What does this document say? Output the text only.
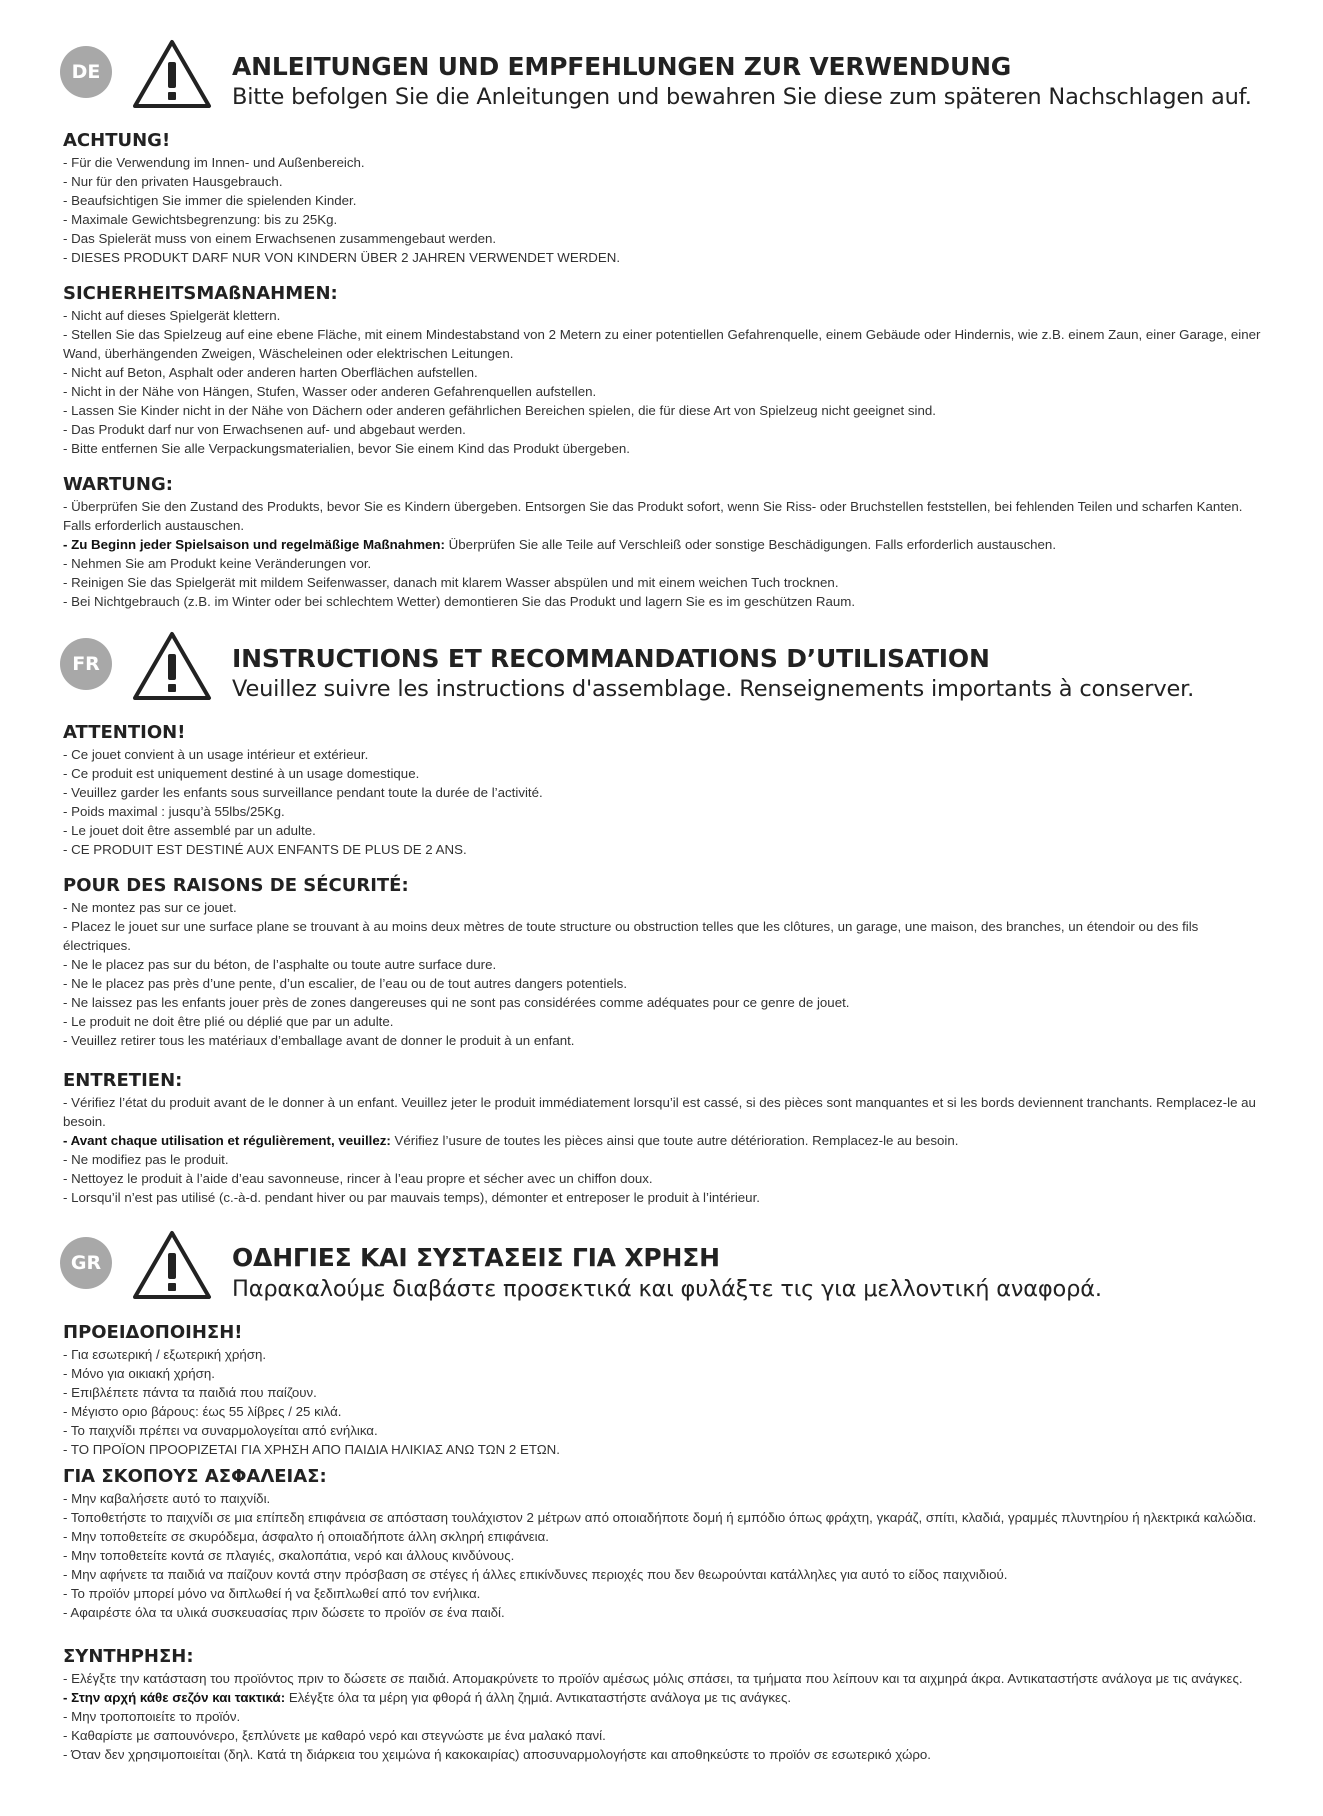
DE	ANLEITUNGEN UND EMPFEHLUNGEN ZUR VERWENDUNG
Bitte befolgen Sie die Anleitungen und bewahren Sie diese zum späteren Nachschlagen auf.
ACHTUNG!
- Für die Verwendung im Innen- und Außenbereich.
- Nur für den privaten Hausgebrauch.
- Beaufsichtigen Sie immer die spielenden Kinder.
- Maximale Gewichtsbegrenzung: bis zu 25Kg.
- Das Spielerät muss von einem Erwachsenen zusammengebaut werden.
- DIESES PRODUKT DARF NUR VON KINDERN ÜBER 2 JAHREN VERWENDET WERDEN.
SICHERHEITSMAßNAHMEN:
- Nicht auf dieses Spielgerät klettern.
- Stellen Sie das Spielzeug auf eine ebene Fläche, mit einem Mindestabstand von 2 Metern zu einer potentiellen Gefahrenquelle, einem Gebäude oder Hindernis, wie z.B. einem Zaun, einer Garage, einer Wand, überhängenden Zweigen, Wäscheleinen oder elektrischen Leitungen.
- Nicht auf Beton, Asphalt oder anderen harten Oberflächen aufstellen.
- Nicht in der Nähe von Hängen, Stufen, Wasser oder anderen Gefahrenquellen aufstellen.
- Lassen Sie Kinder nicht in der Nähe von Dächern oder anderen gefährlichen Bereichen spielen, die für diese Art von Spielzeug nicht geeignet sind.
- Das Produkt darf nur von Erwachsenen auf- und abgebaut werden.
- Bitte entfernen Sie alle Verpackungsmaterialien, bevor Sie einem Kind das Produkt übergeben.
WARTUNG:
- Überprüfen Sie den Zustand des Produkts, bevor Sie es Kindern übergeben. Entsorgen Sie das Produkt sofort, wenn Sie Riss- oder Bruchstellen feststellen, bei fehlenden Teilen und scharfen Kanten. Falls erforderlich austauschen.
- Zu Beginn jeder Spielsaison und regelmäßige Maßnahmen: Überprüfen Sie alle Teile auf Verschleiß oder sonstige Beschädigungen. Falls erforderlich austauschen.
- Nehmen Sie am Produkt keine Veränderungen vor.
- Reinigen Sie das Spielgerät mit mildem Seifenwasser, danach mit klarem Wasser abspülen und mit einem weichen Tuch trocknen.
- Bei Nichtgebrauch (z.B. im Winter oder bei schlechtem Wetter) demontieren Sie das Produkt und lagern Sie es im geschützen Raum.
FR	INSTRUCTIONS ET RECOMMANDATIONS D’UTILISATION
Veuillez suivre les instructions d'assemblage. Renseignements importants à conserver.
ATTENTION!
- Ce jouet convient à un usage intérieur et extérieur.
- Ce produit est uniquement destiné à un usage domestique.
- Veuillez garder les enfants sous surveillance pendant toute la durée de l’activité.
- Poids maximal : jusqu’à 55lbs/25Kg.
- Le jouet doit être assemblé par un adulte.
- CE PRODUIT EST DESTINÉ AUX ENFANTS DE PLUS DE 2 ANS.
POUR DES RAISONS DE SÉCURITÉ:
- Ne montez pas sur ce jouet.
- Placez le jouet sur une surface plane se trouvant à au moins deux mètres de toute structure ou obstruction telles que les clôtures, un garage, une maison, des branches, un étendoir ou des fils électriques.
- Ne le placez pas sur du béton, de l’asphalte ou toute autre surface dure.
- Ne le placez pas près d’une pente, d’un escalier, de l’eau ou de tout autres dangers potentiels.
- Ne laissez pas les enfants jouer près de zones dangereuses qui ne sont pas considérées comme adéquates pour ce genre de jouet.
- Le produit ne doit être plié ou déplié que par un adulte.
- Veuillez retirer tous les matériaux d’emballage avant de donner le produit à un enfant.
ENTRETIEN:
- Vérifiez l’état du produit avant de le donner à un enfant. Veuillez jeter le produit immédiatement lorsqu’il est cassé, si des pièces sont manquantes et si les bords deviennent tranchants. Remplacez-le au besoin.
- Avant chaque utilisation et régulièrement, veuillez: Vérifiez l’usure de toutes les pièces ainsi que toute autre détérioration. Remplacez-le au besoin.
- Ne modifiez pas le produit.
- Nettoyez le produit à l’aide d’eau savonneuse, rincer à l’eau propre et sécher avec un chiffon doux.
- Lorsqu’il n’est pas utilisé (c.-à-d. pendant hiver ou par mauvais temps), démonter et entreposer le produit à l’intérieur.
GR	ΟΔΗΓΙΕΣ ΚΑΙ ΣΥΣΤΑΣΕΙΣ ΓΙΑ ΧΡΗΣΗ
Παρακαλούμε διαβάστε προσεκτικά και φυλάξτε τις για μελλοντική αναφορά.
ΠΡΟΕΙΔΟΠΟΙΗΣΗ!
- Για εσωτερική / εξωτερική χρήση.
- Μόνο για οικιακή χρήση.
- Επιβλέπετε πάντα τα παιδιά που παίζουν.
- Μέγιστο οριο βάρους: έως 55 λίβρες / 25 κιλά.
- Το παιχνίδι πρέπει να συναρμολογείται από ενήλικα.
- ΤΟ ΠΡΟΪΟΝ ΠΡΟΟΡΙΖΕΤΑΙ ΓΙΑ ΧΡΗΣΗ ΑΠΟ ΠΑΙΔΙΑ ΗΛΙΚΙΑΣ ΑΝΩ ΤΩΝ 2 ΕΤΩΝ.
ΓΙΑ ΣΚΟΠΟΥΣ ΑΣΦΑΛΕΙΑΣ:
- Μην καβαλήσετε αυτό το παιχνίδι.
- Τοποθετήστε το παιχνίδι σε μια επίπεδη επιφάνεια σε απόσταση τουλάχιστον 2 μέτρων από οποιαδήποτε δομή ή εμπόδιο όπως φράχτη, γκαράζ, σπίτι, κλαδιά, γραμμές πλυντηρίου ή ηλεκτρικά καλώδια.
- Μην τοποθετείτε σε σκυρόδεμα, άσφαλτο ή οποιαδήποτε άλλη σκληρή επιφάνεια.
- Μην τοποθετείτε κοντά σε πλαγιές, σκαλοπάτια, νερό και άλλους κινδύνους.
- Μην αφήνετε τα παιδιά να παίζουν κοντά στην πρόσβαση σε στέγες ή άλλες επικίνδυνες περιοχές που δεν θεωρούνται κατάλληλες για αυτό το είδος παιχνιδιού.
- Το προϊόν μπορεί μόνο να διπλωθεί ή να ξεδιπλωθεί από τον ενήλικα.
- Αφαιρέστε όλα τα υλικά συσκευασίας πριν δώσετε το προϊόν σε ένα παιδί.
ΣΥΝΤΗΡΗΣΗ:
- Ελέγξτε την κατάσταση του προϊόντος πριν το δώσετε σε παιδιά. Απομακρύνετε το προϊόν αμέσως μόλις σπάσει, τα τμήματα που λείπουν και τα αιχμηρά άκρα. Αντικαταστήστε ανάλογα με τις ανάγκες.
- Στην αρχή κάθε σεζόν και τακτικά: Ελέγξτε όλα τα μέρη για φθορά ή άλλη ζημιά. Αντικαταστήστε ανάλογα με τις ανάγκες.
- Μην τροποποιείτε το προϊόν.
- Καθαρίστε με σαπουνόνερο, ξεπλύνετε με καθαρό νερό και στεγνώστε με ένα μαλακό πανί.
- Όταν δεν χρησιμοποιείται (δηλ. Κατά τη διάρκεια του χειμώνα ή κακοκαιρίας) αποσυναρμολογήστε και αποθηκεύστε το προϊόν σε εσωτερικό χώρο.
